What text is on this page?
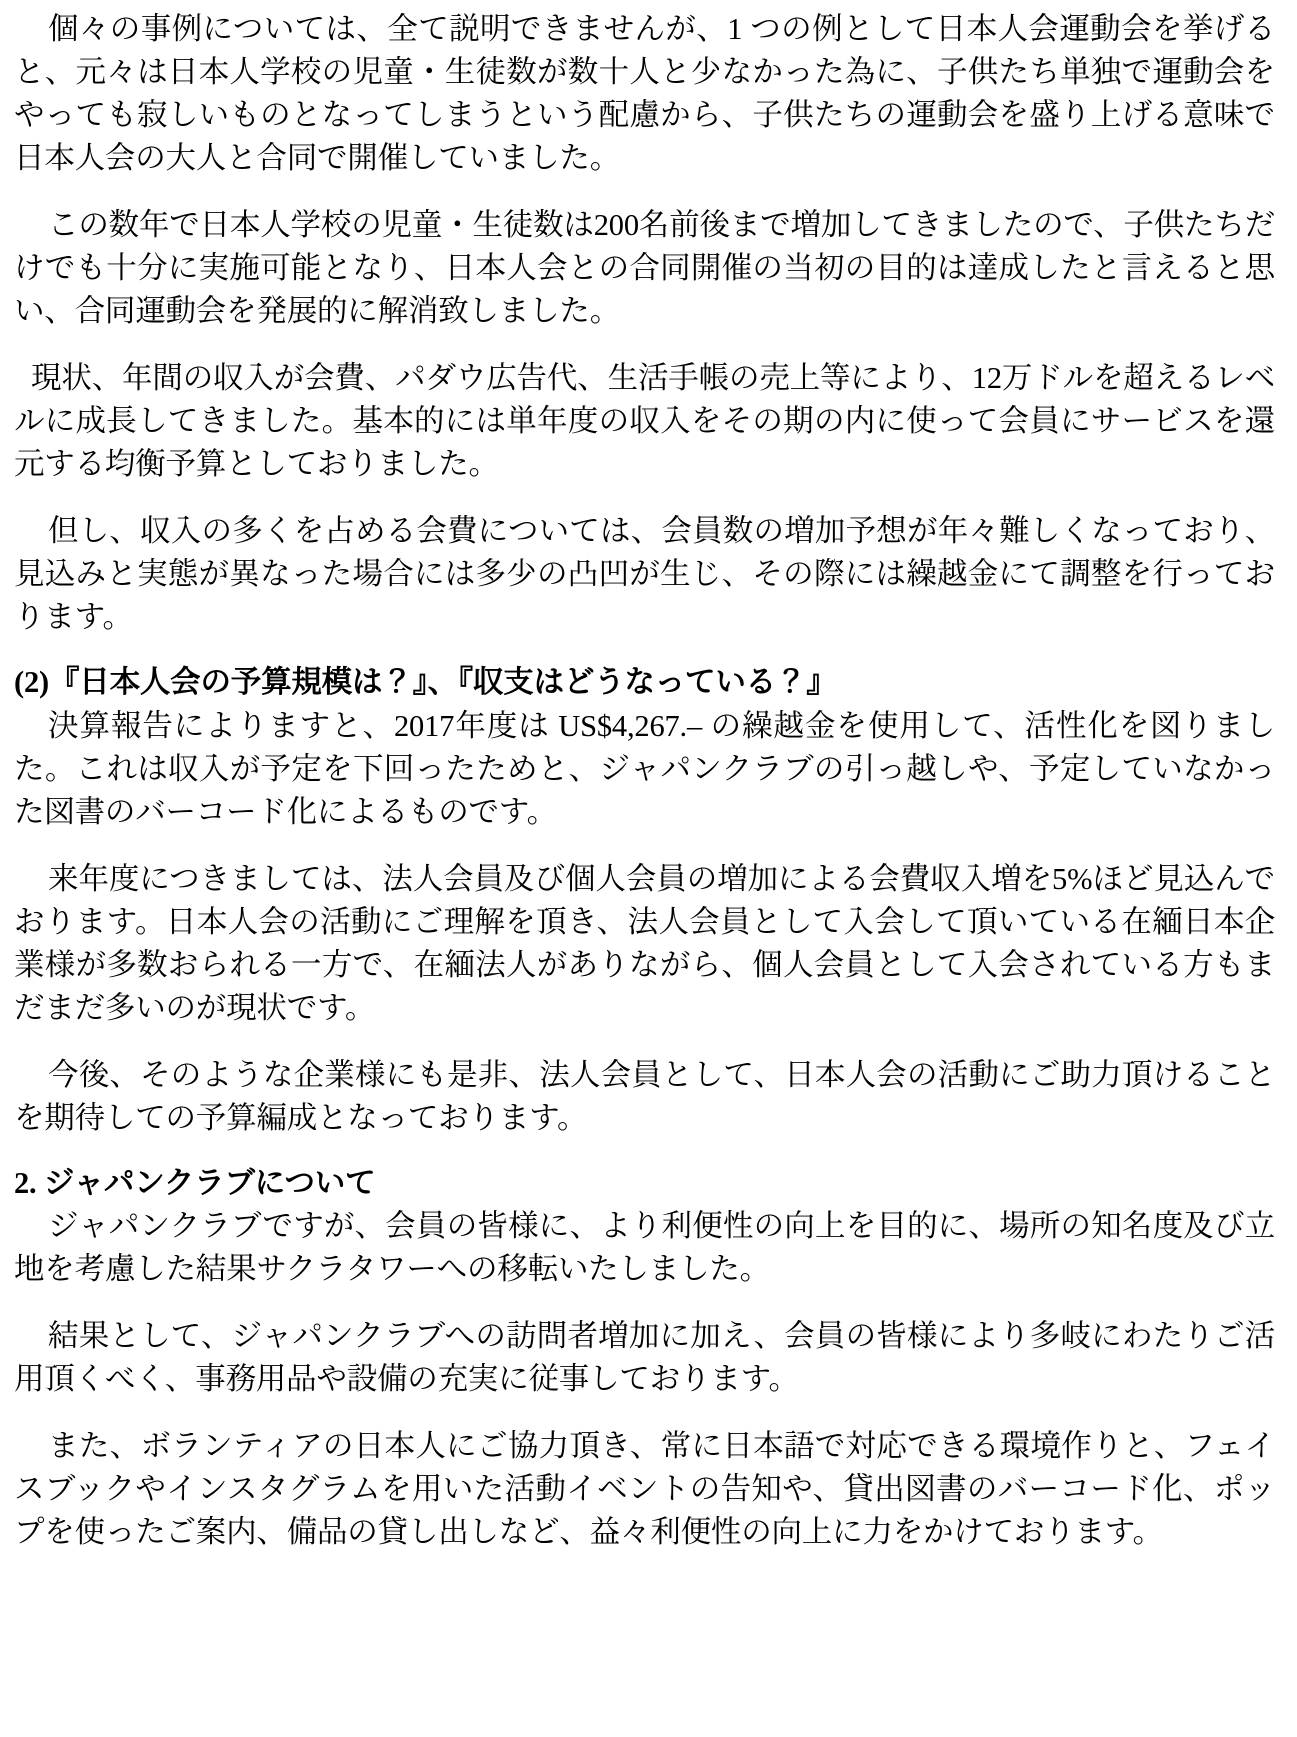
個々の事例については、全て説明できませんが、1 つの例として日本人会運動会を挙げると、元々は日本人学校の児童・生徒数が数十人と少なかった為に、子供たち単独で運動会をやっても寂しいものとなってしまうという配慮から、子供たちの運動会を盛り上げる意味で日本人会の大人と合同で開催していました。

この数年で日本人学校の児童・生徒数は200名前後まで増加してきましたので、子供たちだけでも十分に実施可能となり、日本人会との合同開催の当初の目的は達成したと言えると思い、合同運動会を発展的に解消致しました。

現状、年間の収入が会費、パダウ広告代、生活手帳の売上等により、12万ドルを超えるレベルに成長してきました。基本的には単年度の収入をその期の内に使って会員にサービスを還元する均衡予算としておりました。

但し、収入の多くを占める会費については、会員数の増加予想が年々難しくなっており、見込みと実態が異なった場合には多少の凸凹が生じ、その際には繰越金にて調整を行っております。

(2)『日本人会の予算規模は？』、『収支はどうなっている？』

決算報告によりますと、2017年度は US$4,267.– の繰越金を使用して、活性化を図りました。これは収入が予定を下回ったためと、ジャパンクラブの引っ越しや、予定していなかった図書のバーコード化によるものです。

来年度につきましては、法人会員及び個人会員の増加による会費収入増を5%ほど見込んでおります。日本人会の活動にご理解を頂き、法人会員として入会して頂いている在緬日本企業様が多数おられる一方で、在緬法人がありながら、個人会員として入会されている方もまだまだ多いのが現状です。

今後、そのような企業様にも是非、法人会員として、日本人会の活動にご助力頂けることを期待しての予算編成となっております。

2. ジャパンクラブについて

ジャパンクラブですが、会員の皆様に、より利便性の向上を目的に、場所の知名度及び立地を考慮した結果サクラタワーへの移転いたしました。

結果として、ジャパンクラブへの訪問者増加に加え、会員の皆様により多岐にわたりご活用頂くべく、事務用品や設備の充実に従事しております。

また、ボランティアの日本人にご協力頂き、常に日本語で対応できる環境作りと、フェイスブックやインスタグラムを用いた活動イベントの告知や、貸出図書のバーコード化、ポップを使ったご案内、備品の貸し出しなど、益々利便性の向上に力をかけております。
